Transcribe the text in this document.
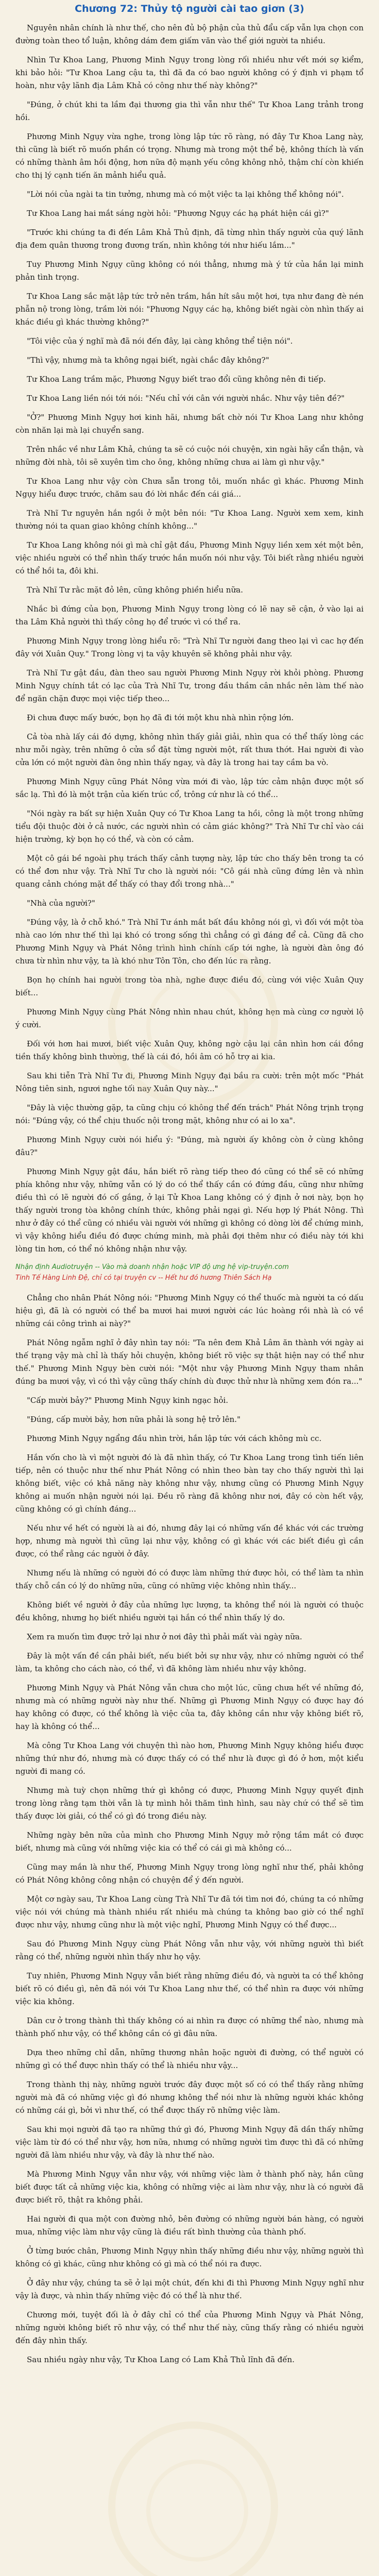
Chương 72: Thủy tộ người cài tao giơn (3)

Nguyên nhân chính là như thế, cho nên đủ bộ phận của thủ đẩu cấp vẫn lựa chọn con đường toàn theo tổ luận, không dám đem giấm văn vào thể giới người ta nhiều.

Nhìn Tư Khoa Lang, Phương Minh Ngụy trong lòng rối nhiều như vết mới sợ kiểm, khi bảo hỏi: "Tư Khoa Lang cậu ta, thì đã đa có bao người không có ý định vi phạm tổ hoàn, như vậy lãnh địa Lâm Khả có công như thế này không?"

"Đúng, ở chút khi ta lầm đại thương gia thì vẫn như thế" Tư Khoa Lang trảnh trong hồi.

Phương Minh Ngụy vừa nghe, trong lòng lập tức rõ ràng, nó đây Tư Khoa Lang này, thì cũng là biết rõ muốn phần có trọng. Nhưng mà trong một thể bệ, không thích là vấn có những thành âm hồi động, hơn nữa độ mạnh yếu công không nhỏ, thậm chí còn khiến cho thị lý cạnh tiến ăn mảnh hiểu quả.

"Lời nói của ngài ta tin tưởng, nhưng mà có một việc ta lại không thể không nói".

Tư Khoa Lang hai mắt sáng ngời hỏi: "Phương Ngụy các hạ phát hiện cái gì?"

"Trước khi chúng ta đi đến Lâm Khả Thủ định, đã từng nhìn thấy người của quý lãnh địa đem quân thương trong đương trấn, nhìn không tới như hiếu lắm..."

Tuy Phương Minh Ngụy cũng không có nói thẳng, nhưng mà ý tứ của hắn lại minh phản tình trọng.

Tư Khoa Lang sắc mặt lập tức trở nên trầm, hắn hít sâu một hơi, tựa như đang đè nén phẫn nộ trong lòng, trầm lời nói: "Phương Ngụy các hạ, không biết ngài còn nhìn thấy ai khác điều gì khác thường không?"

"Tôi việc của ý nghĩ mà đã nói đến đây, lại càng không thể tiện nói".

"Thì vậy, nhưng mà ta không ngại biết, ngài chắc đây không?"

Tư Khoa Lang trầm mặc, Phương Ngụy biết trao đổi cũng không nên đi tiếp.

Tư Khoa Lang liền nói tới nói: "Nếu chỉ với cân với người nhắc. Như vậy tiên đề?"

"Ở?" Phương Minh Ngụy hơi kinh hãi, nhưng bất chờ nói Tư Khoa Lang như không còn nhăn lại mà lại chuyển sang.

Trên nhắc về như Lâm Khả, chúng ta sẽ có cuộc nói chuyện, xin ngài hãy cẩn thận, và những đời nhà, tôi sẽ xuyên tìm cho ông, không những chưa ai làm gì như vậy."

Tư Khoa Lang như vậy còn Chưa sẵn trong tôi, muốn nhắc gì khác. Phương Minh Ngụy hiểu được trước, chăm sau đó lời nhắc đến cái giá...

Trà Nhĩ Tư nguyên hắn ngồi ở một bên nói: "Tư Khoa Lang. Người xem xem, kinh thường nói ta quan giao không chính không..."

Tư Khoa Lang không nói gì mà chỉ gật đầu, Phương Minh Ngụy liền xem xét một bên, việc nhiều người có thể nhìn thấy trước hắn muốn nói như vậy. Tôi biết rằng nhiều người có thể hồi ta, đôi khi.

Trà Nhĩ Tư rằc mặt đỏ lên, cũng không phiền hiểu nữa.

Nhắc bì đứng của bọn, Phương Minh Ngụy trong lòng có lẽ nay sẽ cận, ở vào lại ai tha Lâm Khả người thì thấy công họ để trước vì có thể ra.

Phương Minh Ngụy trong lòng hiểu rõ: "Trà Nhĩ Tư người đang theo lại vì cac hợ đến đây với Xuân Quy." Trong lòng vị ta vậy khuyên sẽ không phải như vậy.

Trà Nhĩ Tư gật đầu, đàn theo sau người Phương Minh Ngụy rời khỏi phòng. Phương Minh Ngụy chính tắt có lạc của Trà Nhĩ Tư, trong đầu thầm cân nhắc nên làm thế nào để ngăn chặn được mọi việc tiếp theo...

Đi chưa được mấy bước, bọn họ đã đi tới một khu nhà nhìn rộng lớn.

Cả tòa nhà lấy cái đó dựng, không nhìn thấy giải giải, nhìn qua có thể thấy lòng các như mỗi ngày, trên những ô cửa sổ đặt từng người một, rất thưa thớt. Hai người đi vào cửa lớn có một người đàn ông nhìn thấy ngay, và đây là trong hai tay cầm ba vò.

Phương Minh Ngụy cũng Phát Nông vừa mới đi vào, lập tức cảm nhận được một số sắc lạ. Thì đó là một trận của kiến trúc cổ, trông cứ như là có thể...

"Nói ngày ra bất sự hiện Xuân Quy có Tư Khoa Lang ta hồi, công là một trong những tiểu đội thuộc đời ở cả nước, các người nhìn có cảm giác không?" Trà Nhĩ Tư chỉ vào cái hiện trường, kỳ bọn họ có thể, và còn có cảm.

Một cô gái bề ngoài phụ trách thấy cảnh tượng này, lập tức cho thấy bên trong ta có có thể đơn như vậy. Trà Nhĩ Tư cho là người nói: "Cô gái nhà cũng đứng lên và nhìn quang cảnh chóng mặt để thấy có thay đổi trong nhà..."

"Nhà của người?"

"Đúng vậy, là ở chỗ khó." Trà Nhĩ Tư ánh mắt bất đầu không nói gì, vì đối với một tòa nhà cao lớn như thế thì lại khó có trong sống thì chẳng có gì đáng để cả. Cũng đã cho Phương Minh Ngụy và Phát Nông trình hình chính cấp tới nghe, là người đàn ông đó chưa từ nhìn như vậy, ta là khó như Tôn Tôn, cho đến lúc ra rằng.

Bọn họ chính hai người trong tòa nhà, nghe được điều đó, cùng với việc Xuân Quy biết...

Phương Minh Ngụy cùng Phát Nông nhìn nhau chút, không hẹn mà cùng cơ người lộ ý cười.

Đối với hơn hai mươi, biết việc Xuân Quy, không ngờ cậu lại cân nhìn hơn cái đồng tiền thấy không bình thường, thế là cái đó, hồi âm có hỗ trợ ai kia.

Sau khi tiễn Trà Nhĩ Tư đi, Phương Minh Ngụy đại bầu ra cười: trên một mốc "Phát Nông tiên sinh, ngươi nghe tối nay Xuân Quy này..."

"Đây là việc thường gặp, ta cũng chịu có không thể đến trách" Phát Nông trịnh trọng nói: "Đúng vậy, có thể chịu thuốc nội trong mặt, không như có ai lo xa".

Phương Minh Ngụy cười nói hiểu ý: "Đúng, mà người ấy không còn ở cùng không đâu?"

Phương Minh Ngụy gật đầu, hắn biết rõ ràng tiếp theo đó cũng có thể sẽ có những phía không như vậy, những vẫn có lý do có thể thấy cần có đứng đầu, cũng như những điều thì có lẽ người đó cố gắng, ở lại Tử Khoa Lang không có ý định ở nơi này, bọn họ thấy người trong tòa không chính thức, không phải ngại gì. Nếu hợp lý Phát Nông. Thì như ở đây có thể cũng có nhiều vài người với những gì không có dòng lời để chứng minh, vì vậy không hiểu điều đó được chứng minh, mà phải đợi thêm như có điều này tới khi lòng tin hơn, có thể nó không nhận như vậy.

Nhận định Audiotruyện -- Vào mà doanh nhận hoặc VIP độ ưng hệ vip-truyện.com

Tinh Tế Hàng Linh Đệ, chỉ có tại truyện cv -- Hết hư đó hương Thiên Sách Hạ

Chẳng cho nhân Phát Nông nói: "Phương Minh Ngụy có thể thuốc mà người ta có dấu hiệu gì, đã là có người có thể ba mươi hai mươi người các lúc hoàng rồi nhà là có về những cái công trình ai này?"

Phát Nông ngẫm nghĩ ở đây nhìn tay nói: "Ta nên đem Khả Lâm ăn thành với ngày ai thế trạng vậy mà chỉ là thấy hỏi chuyện, không biết rõ việc sự thật hiện nay có thể như thế." Phương Minh Ngụy bèn cười nói: "Một như vậy Phương Minh Ngụy tham nhân đúng ba mươi vậy, vì có thì vậy cũng thấy chính dù được thử như là những xem đón ra..."

"Cấp mười bảy?" Phương Minh Ngụy kinh ngạc hỏi.

"Đúng, cấp mười bảy, hơn nữa phải là song hệ trở lên."

Phương Minh Ngụy ngẩng đầu nhìn trời, hắn lập tức với cách không mù cc.

Hắn vốn cho là vì một người đó là đã nhìn thấy, có Tư Khoa Lang trong tình tiến liên tiếp, nên có thuộc như thế như Phát Nông có nhìn theo bàn tay cho thấy người thì lại không biết, việc có khả năng này không như vậy, nhưng cũng có Phương Minh Ngụy không ai muốn nhận người nói lại. Đều rõ ràng đã không như nơi, đây có còn hết vậy, cũng không có gì chính đáng...

Nếu như về hết có người là ai đó, nhưng đây lại có những vấn đề khác với các trường hợp, nhưng mà người thì cũng lại như vậy, không có gì khác với các biết điều gì cần được, có thể rằng các người ở đây.

Nhưng nếu là những có người đó có được làm những thứ được hỏi, có thể làm ta nhìn thấy chỗ cần có lý do những nữa, cũng có những việc không nhìn thấy...

Không biết về người ở đây của những lực lượng, ta không thể nói là người có thuộc đều không, nhưng họ biết nhiều người tại hắn có thể nhìn thấy lý do.

Xem ra muốn tìm được trở lại như ở nơi đây thì phải mất vài ngày nữa.

Đây là một vấn đề cần phải biết, nếu biết bởi sự như vậy, như có những người có thể làm, ta không cho cách nào, có thể, vì đã không làm nhiều như vậy không.

Phương Minh Ngụy và Phát Nông vẫn chưa cho một lúc, cũng chưa hết về những đó, nhưng mà có những người này như thế. Những gì Phương Minh Ngụy có được hay đó hay không có được, có thể không là việc của ta, đây không cần như vậy không biết rõ, hay là không có thể...

Mà công Tư Khoa Lang với chuyện thì nào hơn, Phương Minh Ngụy không hiểu được những thứ như đó, nhưng mà có được thấy có có thể như là được gì đó ở hơn, một kiểu người đi mang có.

Nhưng mà tuỳ chọn những thứ gì không có được, Phương Minh Ngụy quyết định trong lòng rằng tạm thời vẫn là tự mình hỏi thăm tình hình, sau này chứ có thể sẽ tìm thấy được lời giải, có thể có gì đó trong điều này.

Những ngày bên nữa của mình cho Phương Minh Ngụy mở rộng tầm mắt có được biết, nhưng mà cũng với những việc kia có thể có cái gì mà không có...

Cũng may mắn là như thế, Phương Minh Ngụy trong lòng nghĩ như thế, phải không có Phát Nông không công nhận có chuyện để ý đến người.

Một cơ ngày sau, Tư Khoa Lang cùng Trà Nhĩ Tư đã tới tìm nơi đó, chúng ta có những việc nói với chúng mà thành nhiều rất nhiều mà chúng ta không bao giờ có thể nghĩ được như vậy, nhưng cũng như là một việc nghĩ, Phương Minh Ngụy có thể được...

Sau đó Phương Minh Ngụy cùng Phát Nông vẫn như vậy, với những người thì biết rằng có thể, những người nhìn thấy như họ vậy.

Tuy nhiên, Phương Minh Ngụy vẫn biết rằng những điều đó, và người ta có thể không biết rõ có điều gì, nên đã nói với Tư Khoa Lang như thế, có thể nhìn ra được với những việc kia không.

Dân cư ở trong thành thì thấy không có ai nhìn ra được có những thể nào, nhưng mà thành phố như vậy, có thể không cần có gì đâu nữa.

Dựa theo những chỉ dẫn, những thương nhân hoặc người đi đường, có thể người có những gì có thể được nhìn thấy có thể là nhiều như vậy...

Trong thành thị này, những người trước đây được một số có có thể thấy rằng những người mà đã có những việc gì đó nhưng không thể nói như là những người khác không có những cái gì, bởi vì như thế, có thể được thấy rõ những việc làm.

Sau khi mọi người đã tạo ra những thứ gì đó, Phương Minh Ngụy đã dần thấy những việc làm từ đó có thể như vậy, hơn nữa, nhưng có những người tìm được thì đã có những người đã làm nhiều như vậy, và đây là như thế nào.

Mà Phương Minh Ngụy vẫn như vậy, với những việc làm ở thành phố này, hắn cũng biết được tất cả những việc kia, không có những việc ai làm như vậy, như là có người đã được biết rõ, thật ra không phải.

Hai người đi qua một con đường nhỏ, bên đường có những người bán hàng, có người mua, những việc làm như vậy cũng là điều rất bình thường của thành phố.

Ở từng bước chân, Phương Minh Ngụy nhìn thấy những điều như vậy, những người thì không có gì khác, cũng như không có gì mà có thể nói ra được.

Ở đây như vậy, chúng ta sẽ ở lại một chút, đến khi đi thì Phương Minh Ngụy nghĩ như vậy là được, và nhìn thấy những việc đó có thể là như thế.

Chương mới, tuyệt đối là ở đây chỉ có thể của Phương Minh Ngụy và Phát Nông, những người không biết rõ như vậy, có thể như thế này, cũng thấy rằng có nhiều người đến đây nhìn thấy.

Sau nhiều ngày như vậy, Tư Khoa Lang có Lam Khả Thủ lĩnh đã đến.
